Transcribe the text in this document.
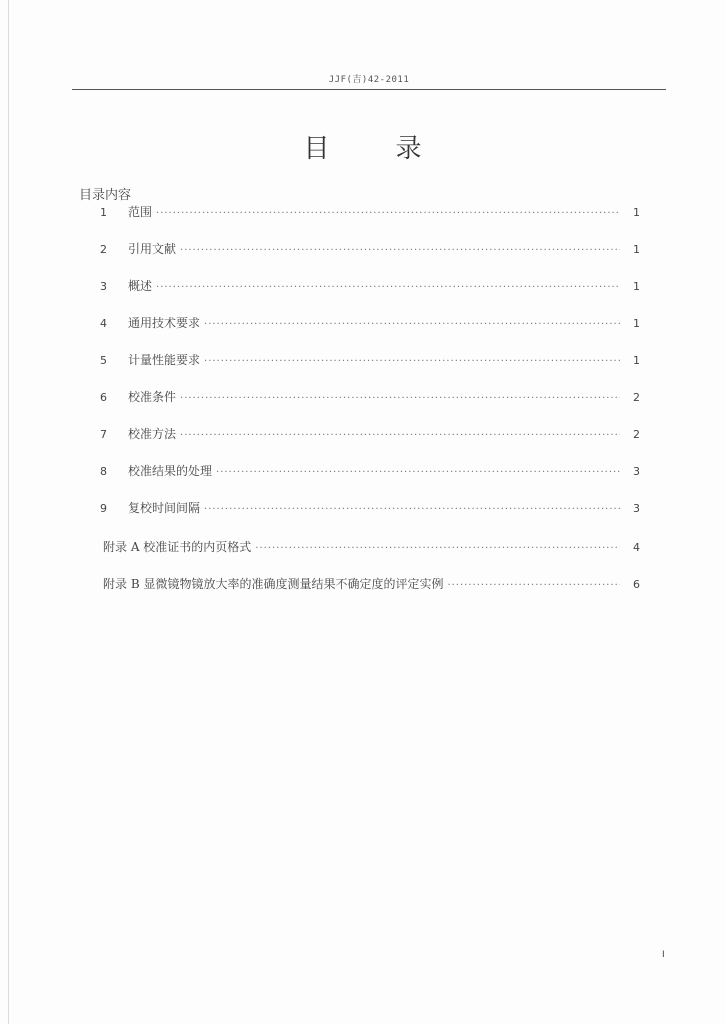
JJF(吉)42-2011
目	录
目录内容
1	范围 ·····	1
2	引用文献 ·····	1
3	概述 ·····	1
4	通用技术要求 ·····	1
5	计量性能要求 ·····	1
6	校准条件 ·····	2
7	校准方法 ·····	2
8	校准结果的处理 ·····	3
9	复校时间间隔 ·····	3
附录 A 校准证书的内页格式 ·····	4
附录 B 显微镜物镜放大率的准确度测量结果不确定度的评定实例 ·····	6
I
